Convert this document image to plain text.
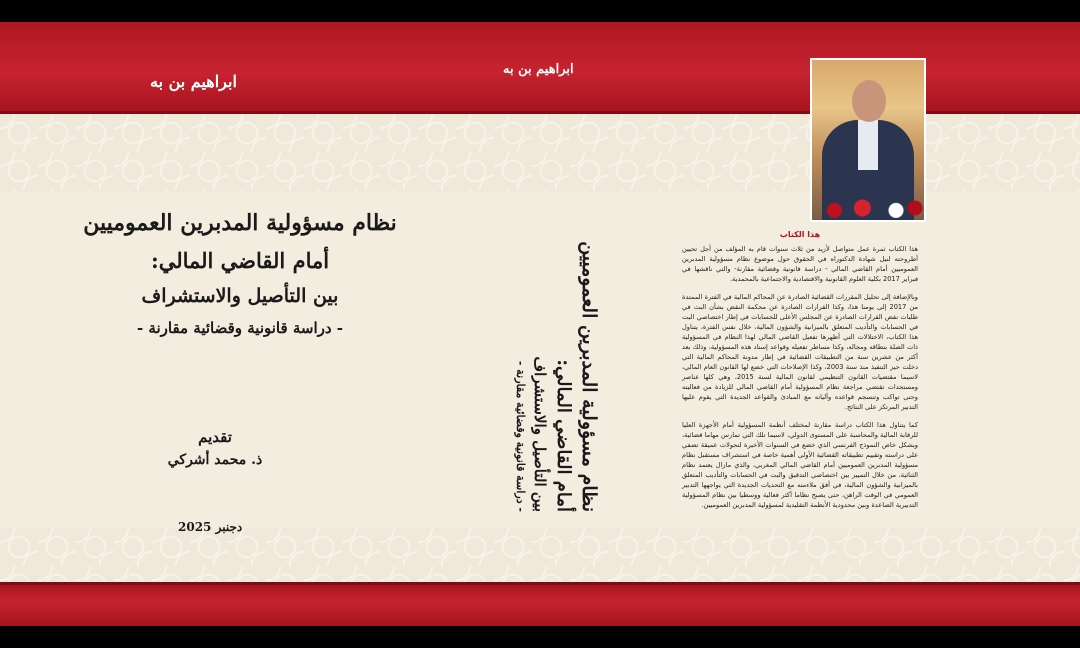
ابراهيم بن به
ابراهيم بن به
نظام مسؤولية المدبرين العموميين
أمام القاضي المالي:
بين التأصيل والاستشراف
- دراسة قانونية وقضائية مقارنة -
تقديم
ذ. محمد أشركي
دجنبر 2025
نظام مسؤولية المدبرين العموميين
أمام القاضي المالي:
بين التأصيل والاستشراف
- دراسة قانونية وقضائية مقارنة -
هذا الكتاب

هذا الكتاب ثمرة عمل متواصل لأزيد من ثلاث سنوات قام به المؤلف من أجل تحيين أطروحته لنيل شهادة الدكتوراه في الحقوق حول موضوع نظام مسؤولية المدبرين العموميين أمام القاضي المالي - دراسة قانونية وقضائية مقارنة- والتي ناقشها في فبراير 2017 بكلية العلوم القانونية والاقتصادية والاجتماعية بالمحمدية.

وبالإضافة إلى تحليل المقررات القضائية الصادرة عن المحاكم المالية في الفترة الممتدة من 2017 إلى يومنا هذا، وكذا القرارات الصادرة عن محكمة النقض بشأن البت في طلبات نقض القرارات الصادرة عن المجلس الأعلى للحسابات في إطار اختصاصي البت في الحسابات والتأديب المتعلق بالميزانية والشؤون المالية، خلال نفس الفترة، يتناول هذا الكتاب، الاختلالات التي أظهرها تفعيل القاضي المالي لهذا النظام في المسؤولية ذات الصلة بنطاقه ومجاله، وكذا مساطر تفعيله وقواعد إسناد هذه المسؤولية، وذلك بعد أكثر من عشرين سنة من التطبيقات القضائية في إطار مدونة المحاكم المالية التي دخلت حيز التنفيذ منذ سنة 2003، وكذا الإصلاحات التي خضع لها القانون العام المالي، لاسيما مقتضيات القانون التنظيمي لقانون المالية لسنة 2015، وهي كلها عناصر ومستجدات تقتضي مراجعة نظام المسؤولية أمام القاضي المالي للزيادة من فعاليته وحتى تواكب وتنسجم قواعده وآلياته مع المبادئ والقواعد الجديدة التي يقوم عليها التدبير المرتكز على النتائج.

كما يتناول هذا الكتاب دراسة مقارنة لمختلف أنظمة المسؤولية أمام الأجهزة العليا للرقابة المالية والمحاسبة على المستوى الدولي، لاسيما تلك التي تمارس مهاما قضائية، وبشكل خاص النموذج الفرنسي الذي خضع في السنوات الأخيرة لتحولات عميقة تضفي على دراسته وتقييم تطبيقاته القضائية الأولى أهمية خاصة في استشراف مستقبل نظام مسؤولية المدبرين العموميين أمام القاضي المالي المغربي، والذي مازال يعتمد نظام الثنائية، من خلال التمييز بين اختصاصي التدقيق والبت في الحسابات والتأديب المتعلق بالميزانية والشؤون المالية، في أفق ملاءمته مع التحديات الجديدة التي يواجهها التدبير العمومي في الوقت الراهن، حتى يصبح نظاما أكثر فعالية ووسطيا بين نظام المسؤولية التدبيرية الصاعدة وبين محدودية الأنظمة التقليدية لمسؤولية المدبرين العموميين.
